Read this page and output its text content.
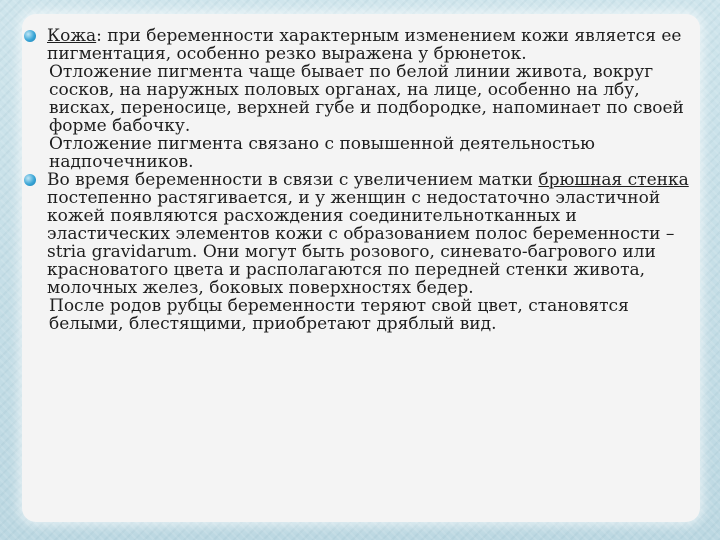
Кожа: при беременности характерным изменением кожи является ее пигментация, особенно резко выражена у брюнеток.
Отложение пигмента чаще бывает по белой линии живота, вокруг сосков, на наружных половых органах, на лице, особенно на лбу, висках, переносице, верхней губе и подбородке, напоминает по своей форме бабочку.
Отложение пигмента связано с повышенной деятельностью надпочечников.
Во время беременности в связи с увеличением матки брюшная стенка постепенно растягивается, и у женщин с недостаточно эластичной кожей появляются расхождения соединительнотканных и эластических элементов кожи с образованием полос беременности – stria gravidarum. Они могут быть розового, синевато-багрового или красноватого цвета и располагаются по передней стенки живота, молочных желез, боковых поверхностях бедер.
После родов рубцы беременности теряют свой цвет, становятся белыми, блестящими, приобретают дряблый вид.
